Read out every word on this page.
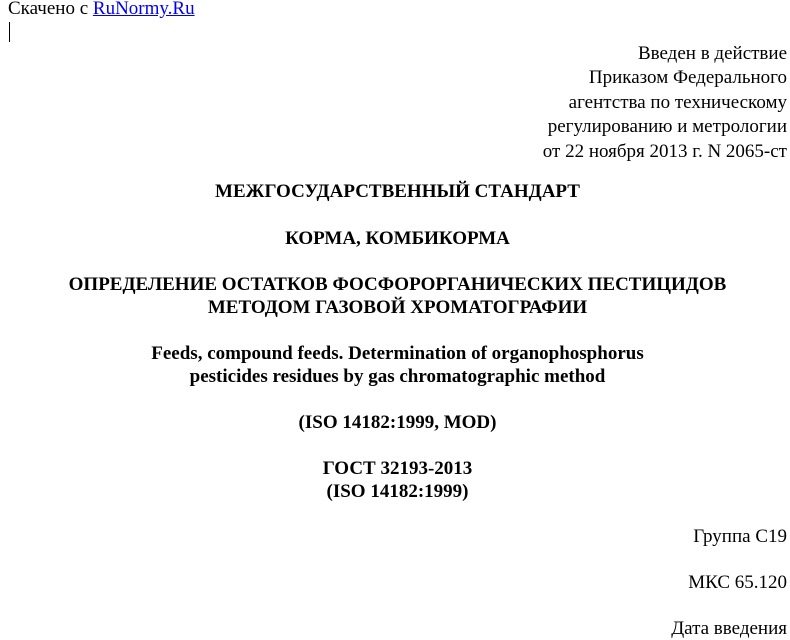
Скачено с RuNormy.Ru
Введен в действие
Приказом Федерального
агентства по техническому
регулированию и метрологии
от 22 ноября 2013 г. N 2065-ст
МЕЖГОСУДАРСТВЕННЫЙ СТАНДАРТ
КОРМА, КОМБИКОРМА
ОПРЕДЕЛЕНИЕ ОСТАТКОВ ФОСФОРОРГАНИЧЕСКИХ ПЕСТИЦИДОВ
МЕТОДОМ ГАЗОВОЙ ХРОМАТОГРАФИИ
Feeds, compound feeds. Determination of organophosphorus
pesticides residues by gas chromatographic method
(ISO 14182:1999, MOD)
ГОСТ 32193-2013
(ISO 14182:1999)
Группа С19
МКС 65.120
Дата введения
